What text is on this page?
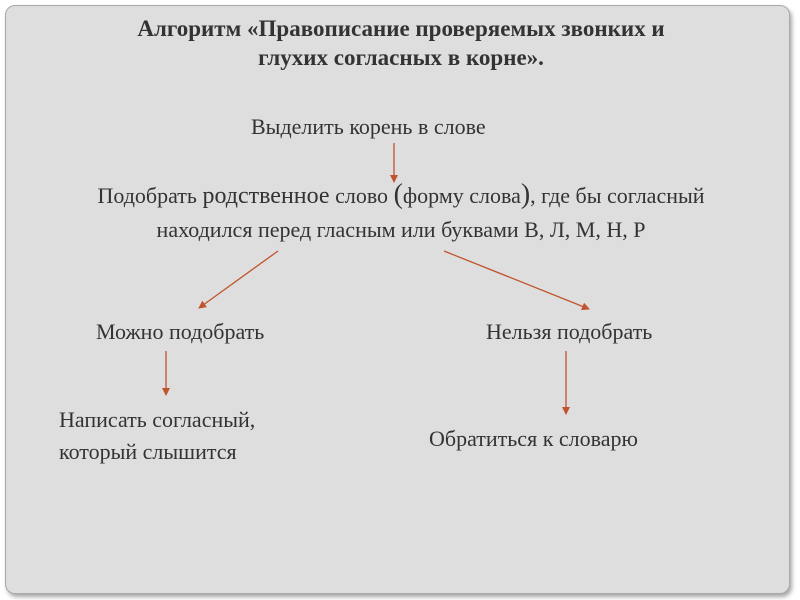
Алгоритм «Правописание проверяемых звонких и
глухих согласных в корне».
Выделить корень в слове
Подобрать родственное слово (форму слова), где бы согласный
находился перед гласным или буквами В, Л, М, Н, Р
Можно подобрать	Нельзя подобрать
Написать согласный,
который слышится
Обратиться к словарю
